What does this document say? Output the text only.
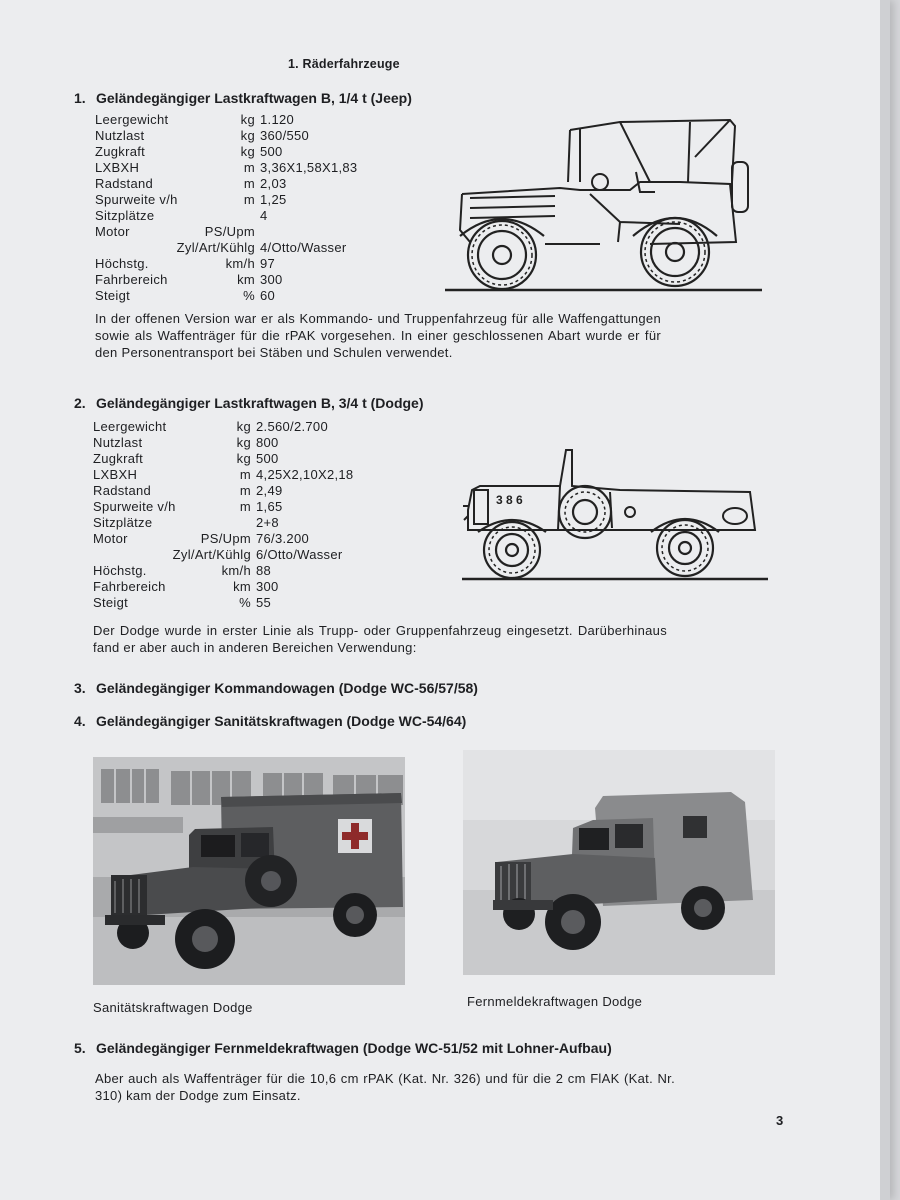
1. Räderfahrzeuge
1. Geländegängiger Lastkraftwagen B, 1/4 t (Jeep)
Leergewicht	kg 1.120
Nutzlast	kg 360/550
Zugkraft	kg 500
LXBXH	m 3,36X1,58X1,83
Radstand	m 2,03
Spurweite v/h	m 1,25
Sitzplätze	4
Motor	PS/Upm
Zyl/Art/Kühlg 4/Otto/Wasser
Höchstg.	km/h 97
Fahrbereich	km 300
Steigt	% 60
In der offenen Version war er als Kommando- und Truppenfahrzeug für alle Waffengattungen sowie als Waffenträger für die rPAK vorgesehen. In einer geschlossenen Abart wurde er für den Personentransport bei Stäben und Schulen verwendet.
2. Geländegängiger Lastkraftwagen B, 3/4 t (Dodge)
Leergewicht	kg 2.560/2.700
Nutzlast	kg 800
Zugkraft	kg 500
LXBXH	m 4,25X2,10X2,18
Radstand	m 2,49
Spurweite v/h	m 1,65
Sitzplätze	2+8
Motor	PS/Upm 76/3.200
Zyl/Art/Kühlg 6/Otto/Wasser
Höchstg.	km/h 88
Fahrbereich	km 300
Steigt	% 55
3 8 6
Der Dodge wurde in erster Linie als Trupp- oder Gruppenfahrzeug eingesetzt. Darüberhinaus fand er aber auch in anderen Bereichen Verwendung:
3. Geländegängiger Kommandowagen (Dodge WC-56/57/58)
4. Geländegängiger Sanitätskraftwagen (Dodge WC-54/64)
Sanitätskraftwagen Dodge	Fernmeldekraftwagen Dodge
5. Geländegängiger Fernmeldekraftwagen (Dodge WC-51/52 mit Lohner-Aufbau)
Aber auch als Waffenträger für die 10,6 cm rPAK (Kat. Nr. 326) und für die 2 cm FlAK (Kat. Nr. 310) kam der Dodge zum Einsatz.
3
